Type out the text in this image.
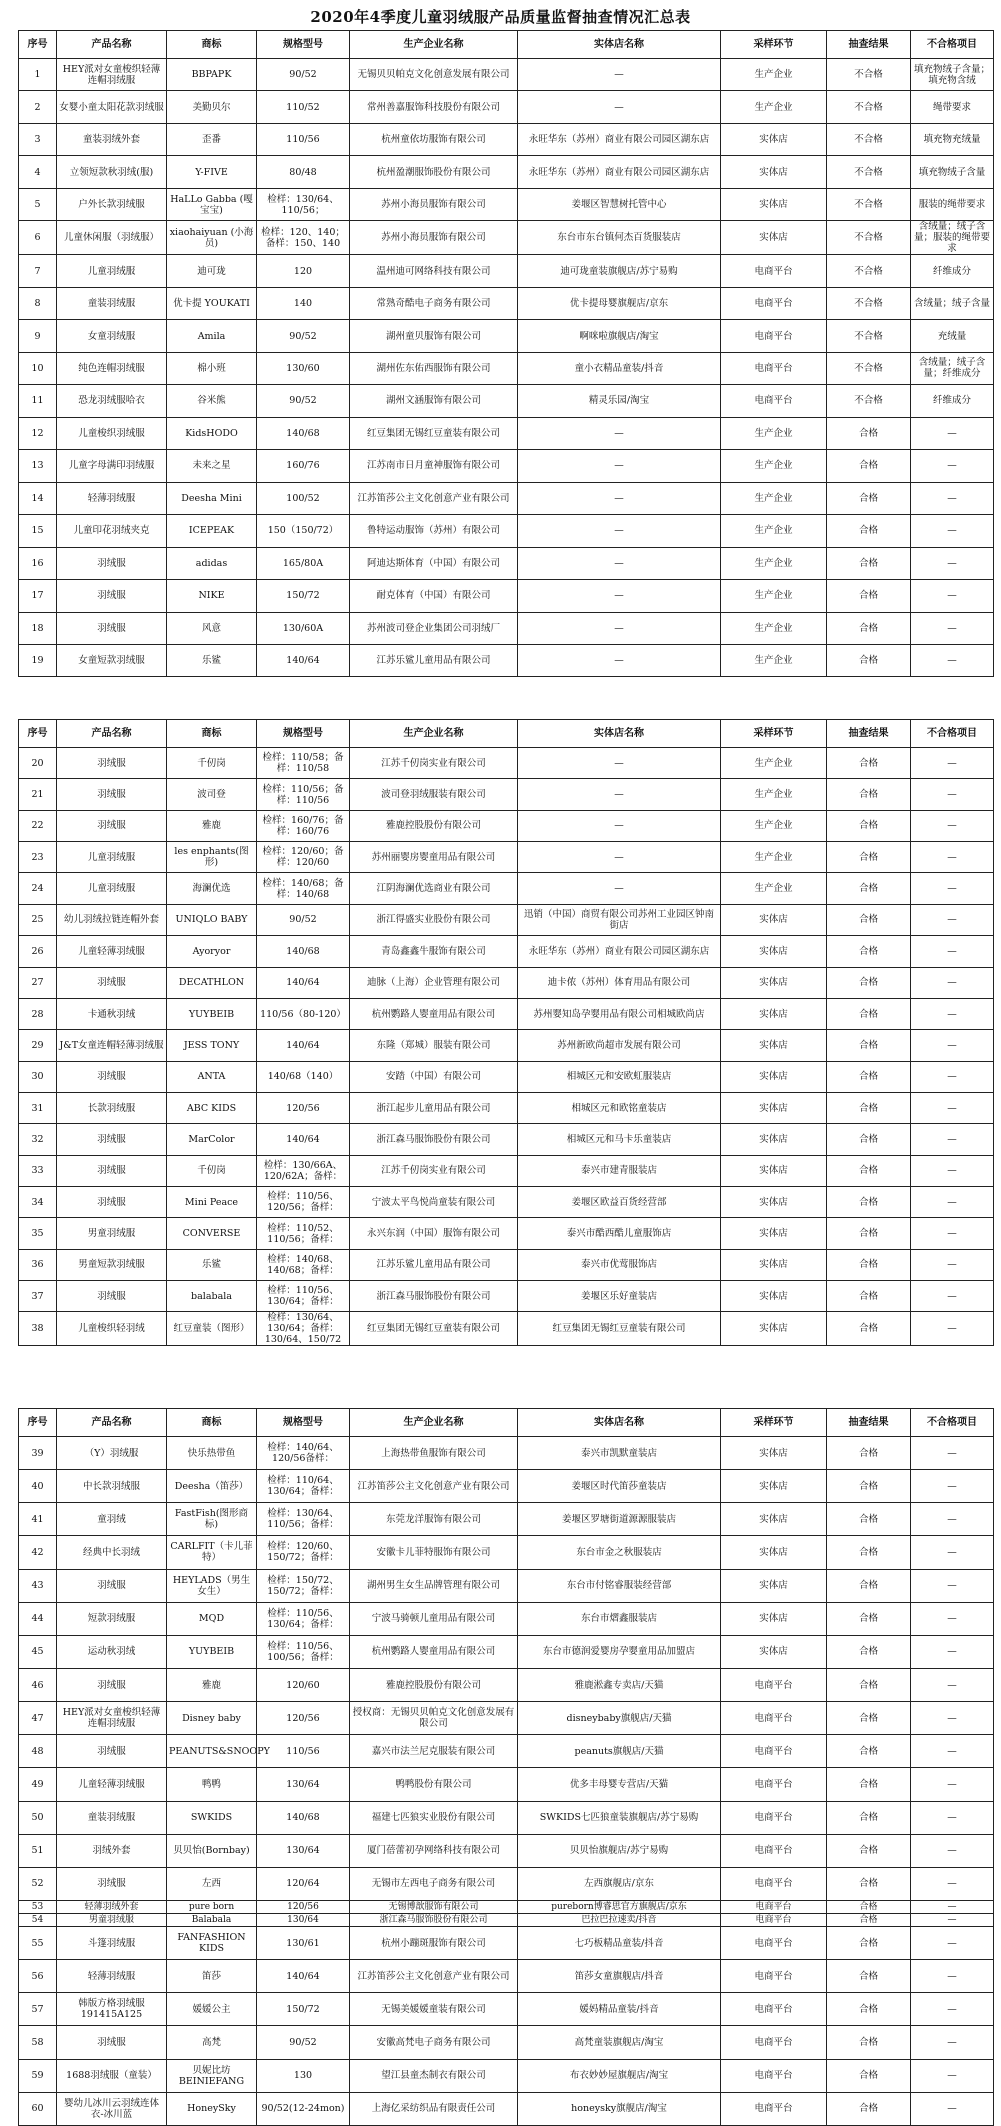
2020年4季度儿童羽绒服产品质量监督抽查情况汇总表
序号	产品名称	商标	规格型号	生产企业名称	实体店名称	采样环节	抽查结果	不合格项目
1	HEY派对女童梭织轻薄连帽羽绒服	BBPAPK	90/52	无锡贝贝帕克文化创意发展有限公司	—	生产企业	不合格	填充物绒子含量；填充物含绒
2	女婴小童太阳花款羽绒服	美勤贝尔	110/52	常州善嘉服饰科技股份有限公司	—	生产企业	不合格	绳带要求
3	童装羽绒外套	歪番	110/56	杭州童依坊服饰有限公司	永旺华东（苏州）商业有限公司园区湖东店	实体店	不合格	填充物充绒量
4	立领短款秋羽绒(服)	Y-FIVE	80/48	杭州盈潮服饰股份有限公司	永旺华东（苏州）商业有限公司园区湖东店	实体店	不合格	填充物绒子含量
5	户外长款羽绒服	HaLLo Gabba (嘎宝宝)	检样：130/64、110/56；	苏州小海员服饰有限公司	姜堰区智慧树托管中心	实体店	不合格	服装的绳带要求
6	儿童休闲服（羽绒服）	xiaohaiyuan (小海员)	检样：120、140；备样：150、140	苏州小海员服饰有限公司	东台市东台镇何杰百货服装店	实体店	不合格	含绒量；绒子含量；服装的绳带要求
7	儿童羽绒服	迪可珑	120	温州迪可网络科技有限公司	迪可珑童装旗舰店/苏宁易购	电商平台	不合格	纤维成分
8	童装羽绒服	优卡提 YOUKATI	140	常熟奇酷电子商务有限公司	优卡提母婴旗舰店/京东	电商平台	不合格	含绒量；绒子含量
9	女童羽绒服	Amila	90/52	湖州童贝服饰有限公司	啊咪啦旗舰店/淘宝	电商平台	不合格	充绒量
10	纯色连帽羽绒服	棉小班	130/60	湖州佐东佑西服饰有限公司	童小衣精品童装/抖音	电商平台	不合格	含绒量；绒子含量；纤维成分
11	恐龙羽绒服哈衣	谷米熊	90/52	湖州文涵服饰有限公司	精灵乐园/淘宝	电商平台	不合格	纤维成分
12	儿童梭织羽绒服	KidsHODO	140/68	红豆集团无锡红豆童装有限公司	—	生产企业	合格	—
13	儿童字母满印羽绒服	未来之星	160/76	江苏南市日月童神服饰有限公司	—	生产企业	合格	—
14	轻薄羽绒服	Deesha Mini	100/52	江苏笛莎公主文化创意产业有限公司	—	生产企业	合格	—
15	儿童印花羽绒夹克	ICEPEAK	150（150/72）	鲁特运动服饰（苏州）有限公司	—	生产企业	合格	—
16	羽绒服	adidas	165/80A	阿迪达斯体育（中国）有限公司	—	生产企业	合格	—
17	羽绒服	NIKE	150/72	耐克体育（中国）有限公司	—	生产企业	合格	—
18	羽绒服	风意	130/60A	苏州波司登企业集团公司羽绒厂	—	生产企业	合格	—
19	女童短款羽绒服	乐鲨	140/64	江苏乐鲨儿童用品有限公司	—	生产企业	合格	—
序号	产品名称	商标	规格型号	生产企业名称	实体店名称	采样环节	抽查结果	不合格项目
20	羽绒服	千仞岗	检样：110/58；备样：110/58	江苏千仞岗实业有限公司	—	生产企业	合格	—
21	羽绒服	波司登	检样：110/56；备样：110/56	波司登羽绒服装有限公司	—	生产企业	合格	—
22	羽绒服	雅鹿	检样：160/76；备样：160/76	雅鹿控股股份有限公司	—	生产企业	合格	—
23	儿童羽绒服	les enphants(图形)	检样：120/60；备样：120/60	苏州丽婴房婴童用品有限公司	—	生产企业	合格	—
24	儿童羽绒服	海澜优选	检样：140/68；备样：140/68	江阴海澜优选商业有限公司	—	生产企业	合格	—
25	幼儿羽绒拉链连帽外套	UNIQLO BABY	90/52	浙江得盛实业股份有限公司	迅销（中国）商贸有限公司苏州工业园区钟南街店	实体店	合格	—
26	儿童轻薄羽绒服	Ayoryor	140/68	青岛鑫鑫牛服饰有限公司	永旺华东（苏州）商业有限公司园区湖东店	实体店	合格	—
27	羽绒服	DECATHLON	140/64	迪脉（上海）企业管理有限公司	迪卡侬（苏州）体育用品有限公司	实体店	合格	—
28	卡通秋羽绒	YUYBEIB	110/56（80-120）	杭州鹦路人婴童用品有限公司	苏州婴知岛孕婴用品有限公司相城欧尚店	实体店	合格	—
29	J&T女童连帽轻薄羽绒服	JESS TONY	140/64	东隆（郑城）服装有限公司	苏州新欧尚超市发展有限公司	实体店	合格	—
30	羽绒服	ANTA	140/68（140）	安踏（中国）有限公司	相城区元和安欧虹服装店	实体店	合格	—
31	长款羽绒服	ABC KIDS	120/56	浙江起步儿童用品有限公司	相城区元和欧铭童装店	实体店	合格	—
32	羽绒服	MarColor	140/64	浙江森马服饰股份有限公司	相城区元和马卡乐童装店	实体店	合格	—
33	羽绒服	千仞岗	检样：130/66A、120/62A；备样：	江苏千仞岗实业有限公司	泰兴市建青服装店	实体店	合格	—
34	羽绒服	Mini Peace	检样：110/56、120/56；备样：	宁波太平鸟悦尚童装有限公司	姜堰区欧益百货经营部	实体店	合格	—
35	男童羽绒服	CONVERSE	检样：110/52、110/56；备样：	永兴东润（中国）服饰有限公司	泰兴市酷西酷儿童服饰店	实体店	合格	—
36	男童短款羽绒服	乐鲨	检样：140/68、140/68；备样：	江苏乐鲨儿童用品有限公司	泰兴市优莺服饰店	实体店	合格	—
37	羽绒服	balabala	检样：110/56、130/64；备样：	浙江森马服饰股份有限公司	姜堰区乐好童装店	实体店	合格	—
38	儿童梭织轻羽绒	红豆童装（图形）	检样：130/64、130/64；备样：130/64、150/72	红豆集团无锡红豆童装有限公司	红豆集团无锡红豆童装有限公司	实体店	合格	—
序号	产品名称	商标	规格型号	生产企业名称	实体店名称	采样环节	抽查结果	不合格项目
39	（Y）羽绒服	快乐热带鱼	检样：140/64、120/56备样：	上海热带鱼服饰有限公司	泰兴市凯默童装店	实体店	合格	—
40	中长款羽绒服	Deesha（笛莎）	检样：110/64、130/64；备样：	江苏笛莎公主文化创意产业有限公司	姜堰区时代笛莎童装店	实体店	合格	—
41	童羽绒	FastFish(图形商标)	检样：130/64、110/56；备样：	东莞龙洋服饰有限公司	姜堰区罗塘街道源源服装店	实体店	合格	—
42	经典中长羽绒	CARLFIT（卡儿菲特）	检样：120/60、150/72；备样：	安徽卡儿菲特服饰有限公司	东台市金之秋服装店	实体店	合格	—
43	羽绒服	HEYLADS（男生女生）	检样：150/72、150/72；备样：	湖州男生女生品牌管理有限公司	东台市付铭睿服装经营部	实体店	合格	—
44	短款羽绒服	MQD	检样：110/56、130/64；备样：	宁波马骑顿儿童用品有限公司	东台市熠鑫服装店	实体店	合格	—
45	运动秋羽绒	YUYBEIB	检样：110/56、100/56；备样：	杭州鹦路人婴童用品有限公司	东台市德润爱婴房孕婴童用品加盟店	实体店	合格	—
46	羽绒服	雅鹿	120/60	雅鹿控股股份有限公司	雅鹿淞鑫专卖店/天猫	电商平台	合格	—
47	HEY派对女童梭织轻薄连帽羽绒服	Disney baby	120/56	授权商：无锡贝贝帕克文化创意发展有限公司	disneybaby旗舰店/天猫	电商平台	合格	—
48	羽绒服	PEANUTS&SNOOPY	110/56	嘉兴市法兰尼克服装有限公司	peanuts旗舰店/天猫	电商平台	合格	—
49	儿童轻薄羽绒服	鸭鸭	130/64	鸭鸭股份有限公司	优多丰母婴专营店/天猫	电商平台	合格	—
50	童装羽绒服	SWKIDS	140/68	福建七匹狼实业股份有限公司	SWKIDS七匹狼童装旗舰店/苏宁易购	电商平台	合格	—
51	羽绒外套	贝贝怡(Bornbay)	130/64	厦门蓓蕾初孕网络科技有限公司	贝贝怡旗舰店/苏宁易购	电商平台	合格	—
52	羽绒服	左西	120/64	无锡市左西电子商务有限公司	左西旗舰店/京东	电商平台	合格	—
53	轻薄羽绒外套	pure born	120/56	无锡博歆服饰有限公司	pureborn博睿思官方旗舰店/京东	电商平台	合格	—
54	男童羽绒服	Balabala	130/64	浙江森马服饰股份有限公司	巴拉巴拉速卖/抖音	电商平台	合格	—
55	斗篷羽绒服	FANFASHION KIDS	130/61	杭州小蹦斑服饰有限公司	七巧板精品童装/抖音	电商平台	合格	—
56	轻薄羽绒服	笛莎	140/64	江苏笛莎公主文化创意产业有限公司	笛莎女童旗舰店/抖音	电商平台	合格	—
57	韩版方格羽绒服191415A125	媛媛公主	150/72	无锡美媛媛童装有限公司	媛妈精品童装/抖音	电商平台	合格	—
58	羽绒服	高梵	90/52	安徽高梵电子商务有限公司	高梵童装旗舰店/淘宝	电商平台	合格	—
59	1688羽绒服（童装）	贝妮比坊BEINIEFANG	130	望江县童杰制衣有限公司	布衣妙妙屋旗舰店/淘宝	电商平台	合格	—
60	婴幼儿冰川云羽绒连体衣-冰川蓝	HoneySky	90/52(12-24mon)	上海亿采纺织品有限责任公司	honeysky旗舰店/淘宝	电商平台	合格	—
